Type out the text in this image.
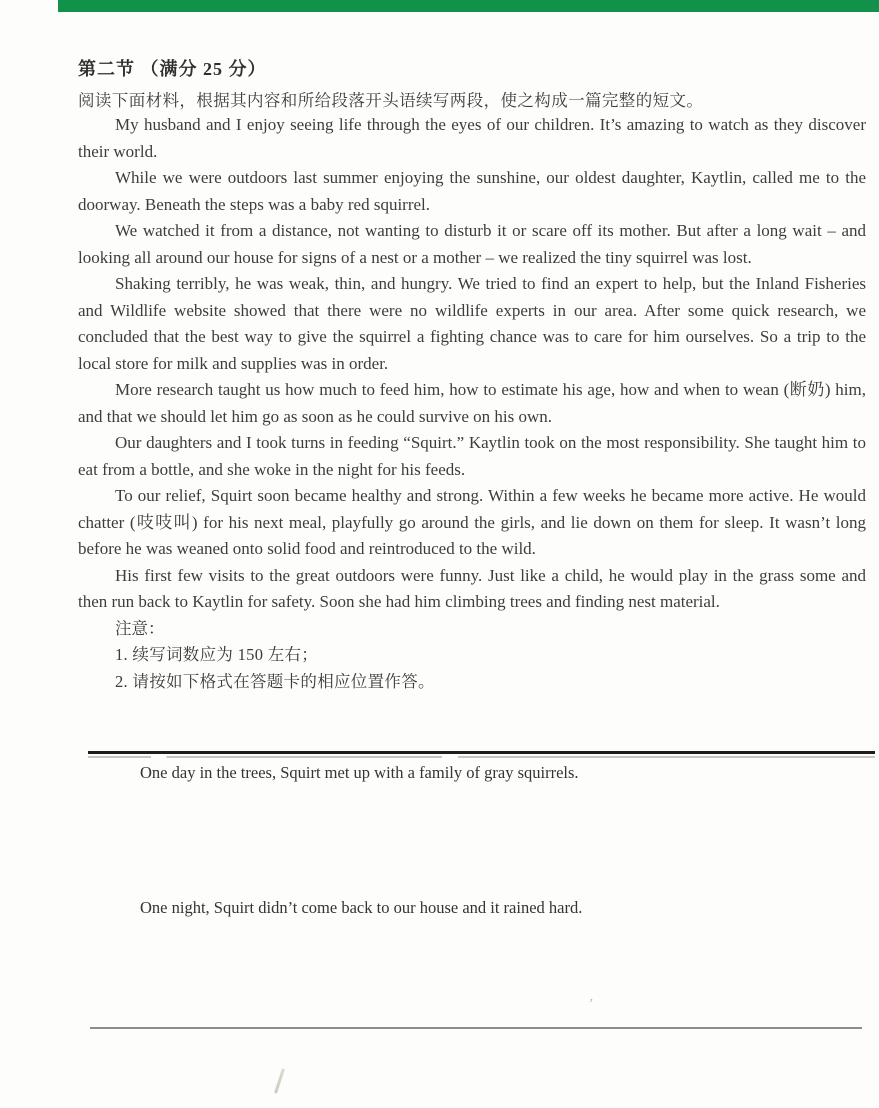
第二节 （满分 25 分）
阅读下面材料，根据其内容和所给段落开头语续写两段，使之构成一篇完整的短文。

My husband and I enjoy seeing life through the eyes of our children. It’s amazing to watch as they discover their world.

While we were outdoors last summer enjoying the sunshine, our oldest daughter, Kaytlin, called me to the doorway. Beneath the steps was a baby red squirrel.

We watched it from a distance, not wanting to disturb it or scare off its mother. But after a long wait – and looking all around our house for signs of a nest or a mother – we realized the tiny squirrel was lost.

Shaking terribly, he was weak, thin, and hungry. We tried to find an expert to help, but the Inland Fisheries and Wildlife website showed that there were no wildlife experts in our area. After some quick research, we concluded that the best way to give the squirrel a fighting chance was to care for him ourselves. So a trip to the local store for milk and supplies was in order.

More research taught us how much to feed him, how to estimate his age, how and when to wean (断奶) him, and that we should let him go as soon as he could survive on his own.

Our daughters and I took turns in feeding “Squirt.” Kaytlin took on the most responsibility. She taught him to eat from a bottle, and she woke in the night for his feeds.

To our relief, Squirt soon became healthy and strong. Within a few weeks he became more active. He would chatter (吱吱叫) for his next meal, playfully go around the girls, and lie down on them for sleep. It wasn’t long before he was weaned onto solid food and reintroduced to the wild.

His first few visits to the great outdoors were funny. Just like a child, he would play in the grass some and then run back to Kaytlin for safety. Soon she had him climbing trees and finding nest material.

注意：

1. 续写词数应为 150 左右；

2. 请按如下格式在答题卡的相应位置作答。

One day in the trees, Squirt met up with a family of gray squirrels.
One night, Squirt didn’t come back to our house and it rained hard.
’
